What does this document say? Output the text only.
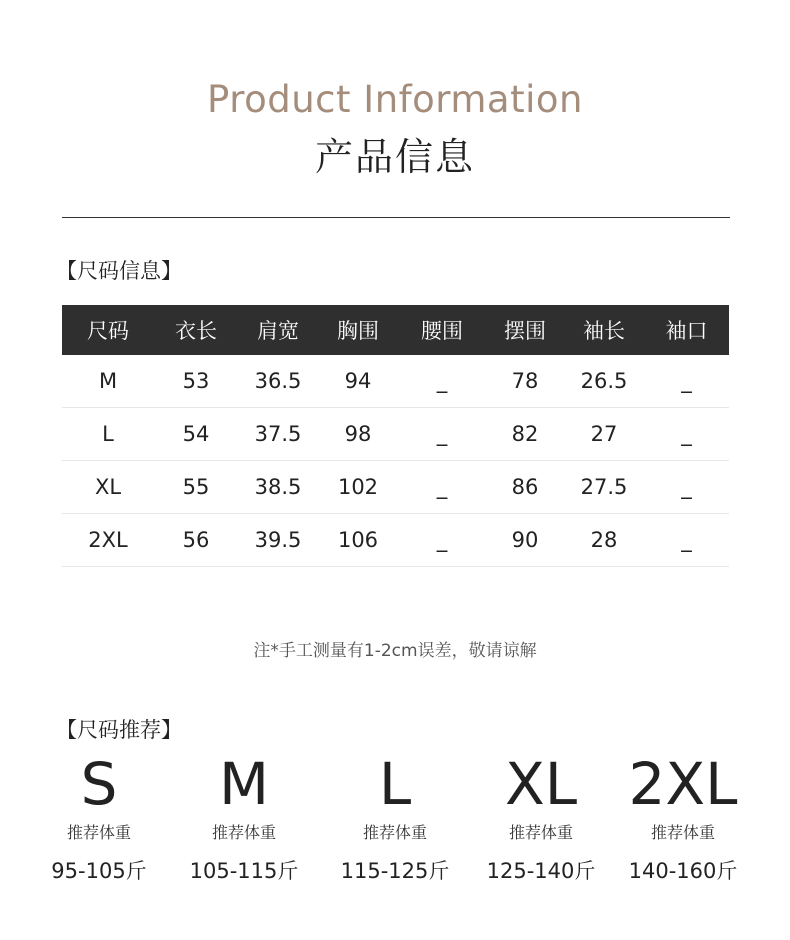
Product Information
产品信息
【尺码信息】
尺码	衣长	肩宽	胸围	腰围	摆围	袖长	袖口
M	53	36.5	94	_	78	26.5	_
L	54	37.5	98	_	82	27	_
XL	55	38.5	102	_	86	27.5	_
2XL	56	39.5	106	_	90	28	_
注*手工测量有1-2cm误差，敬请谅解
【尺码推荐】
S
推荐体重
95-105斤
M
推荐体重
105-115斤
L
推荐体重
115-125斤
XL
推荐体重
125-140斤
2XL
推荐体重
140-160斤
